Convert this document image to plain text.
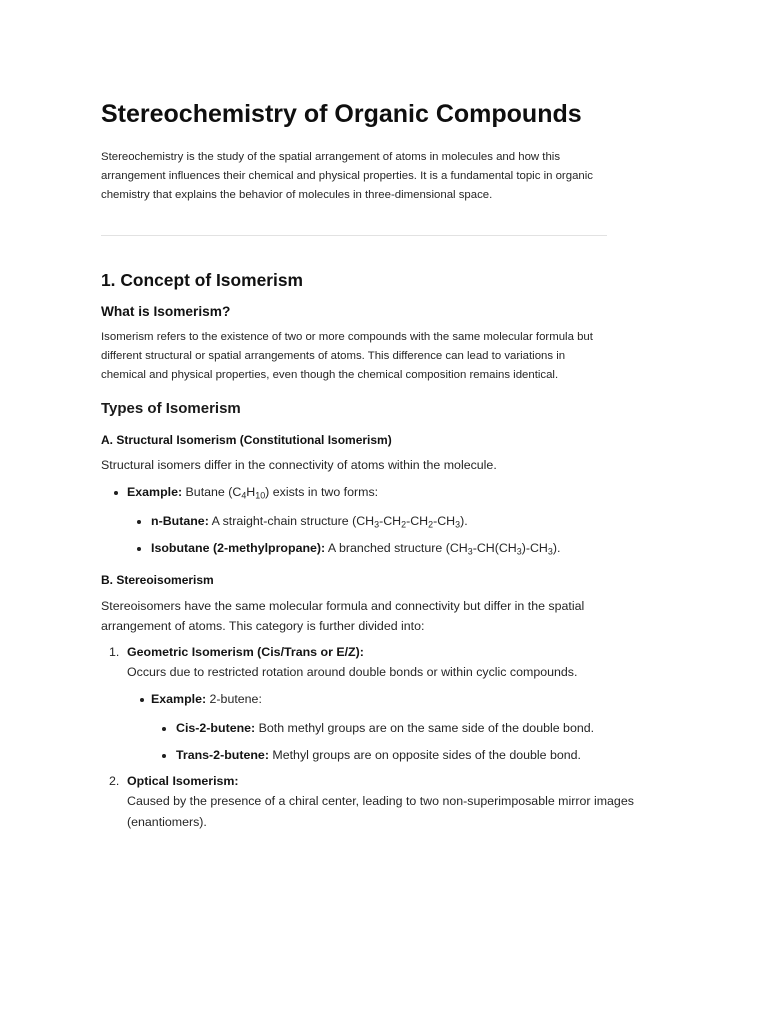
Stereochemistry of Organic Compounds
Stereochemistry is the study of the spatial arrangement of atoms in molecules and how this
arrangement influences their chemical and physical properties. It is a fundamental topic in organic
chemistry that explains the behavior of molecules in three-dimensional space.
1. Concept of Isomerism
What is Isomerism?
Isomerism refers to the existence of two or more compounds with the same molecular formula but
different structural or spatial arrangements of atoms. This difference can lead to variations in
chemical and physical properties, even though the chemical composition remains identical.
Types of Isomerism
A. Structural Isomerism (Constitutional Isomerism)

Structural isomers differ in the connectivity of atoms within the molecule.

Example: Butane $(C_4H_{10})$ exists in two forms:
n-Butane: A straight-chain structure $(CH_3-CH_2-CH_2-CH_3)$.
Isobutane (2-methylpropane): A branched structure $(CH_3-CH(CH_3)-CH_3)$.
B. Stereoisomerism
Stereoisomers have the same molecular formula and connectivity but differ in the spatial
arrangement of atoms. This category is further divided into:
1. Geometric Isomerism (Cis/Trans or E/Z):

Occurs due to restricted rotation around double bonds or within cyclic compounds.

Example: 2-butene:
Cis-2-butene: Both methyl groups are on the same side of the double bond.
Trans-2-butene: Methyl groups are on opposite sides of the double bond.
2. Optical Isomerism:
Caused by the presence of a chiral center, leading to two non-superimposable mirror images
(enantiomers).
